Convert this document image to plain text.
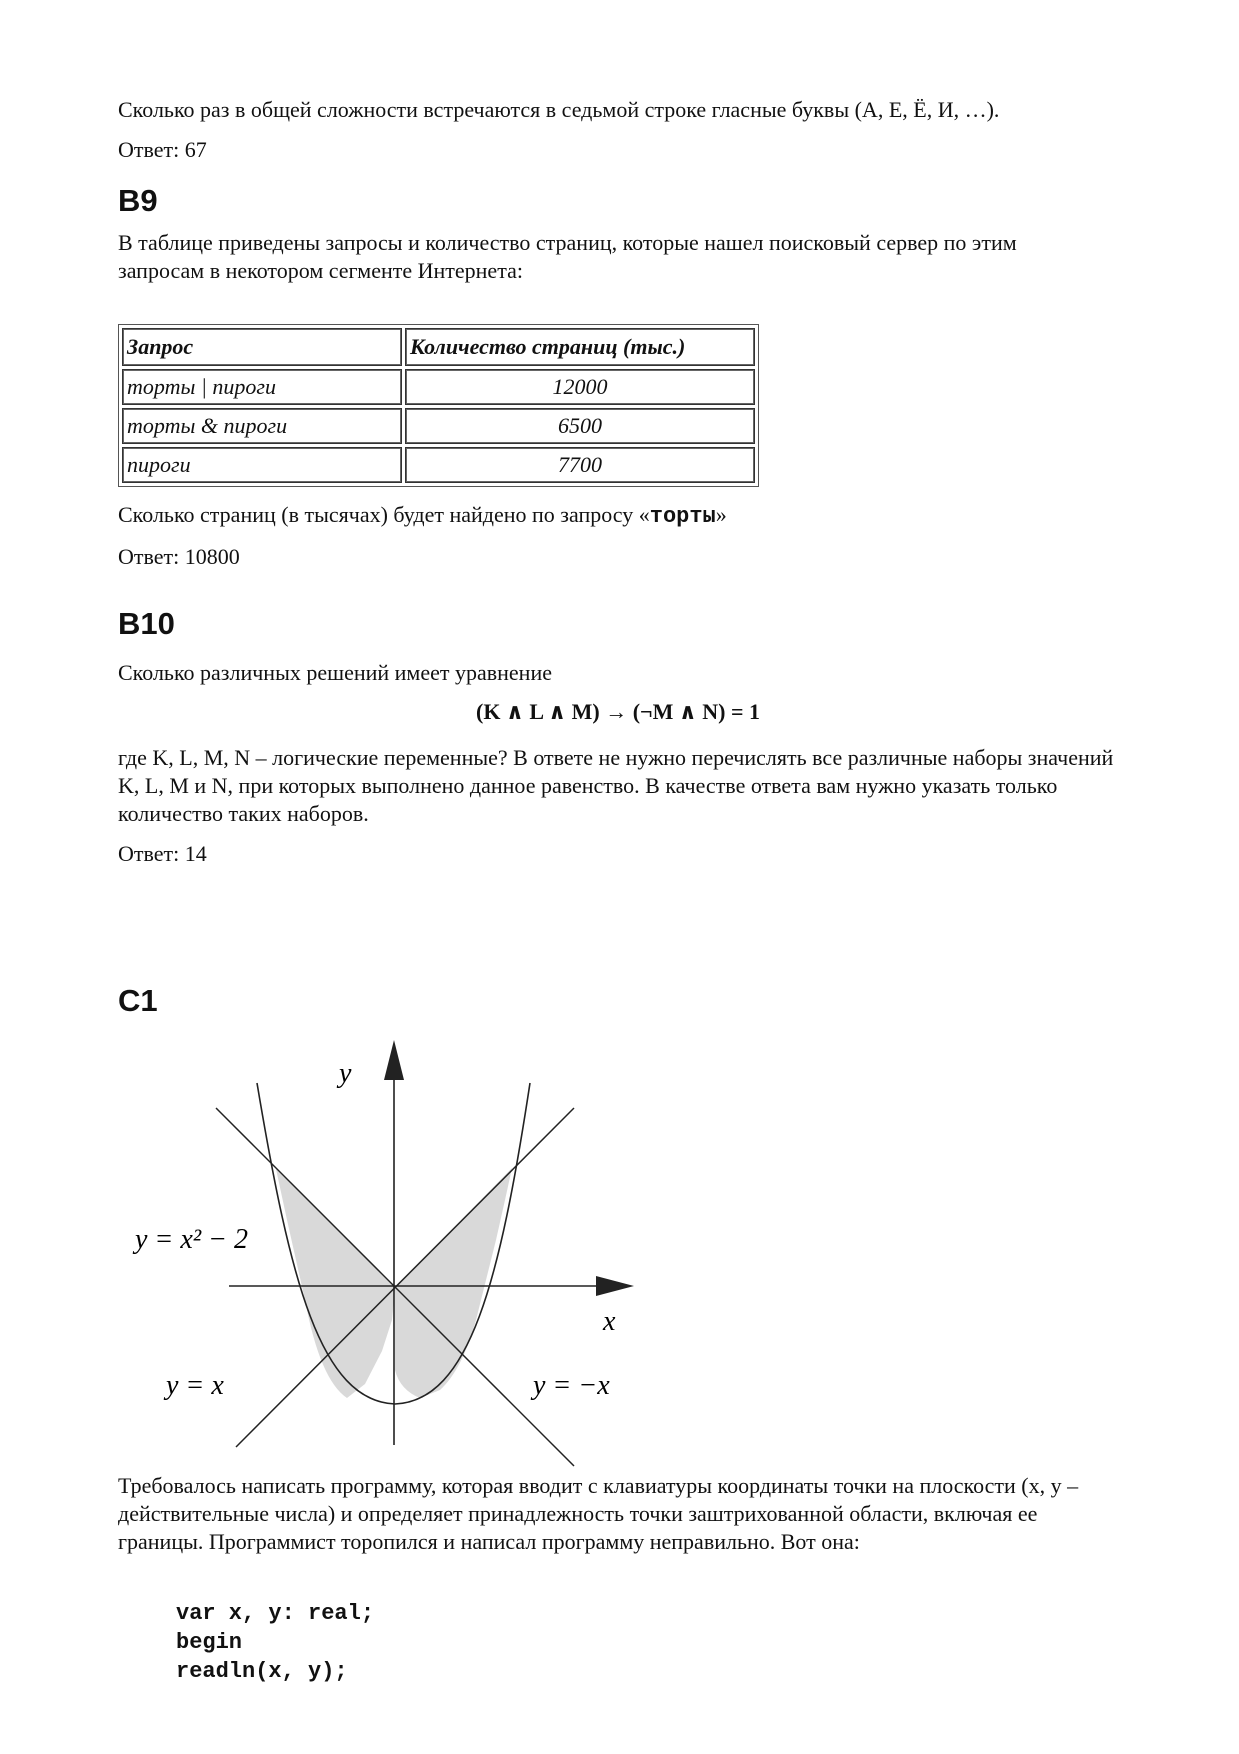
Сколько раз в общей сложности встречаются в седьмой строке гласные буквы (А, Е, Ё, И, …).

Ответ: 67

B9

В таблице приведены запросы и количество страниц, которые нашел поисковый сервер по этим запросам в некотором сегменте Интернета:

Запрос	Количество страниц (тыс.)
торты | пироги	12000
торты & пироги	6500
пироги	7700

Сколько страниц (в тысячах) будет найдено по запросу «торты»

Ответ: 10800

B10

Сколько различных решений имеет уравнение

(K ∧ L ∧ M) → (¬M ∧ N) = 1

где K, L, M, N – логические переменные? В ответе не нужно перечислять все различные наборы значений K, L, M и N, при которых выполнено данное равенство. В качестве ответа вам нужно указать только количество таких наборов.

Ответ: 14

C1

Требовалось написать программу, которая вводит с клавиатуры координаты точки на плоскости (x, y – действительные числа) и определяет принадлежность точки заштрихованной области, включая ее границы. Программист торопился и написал программу неправильно. Вот она:

var x, y: real;

begin

readln(x, y);

y
x
y = x² − 2
y = x	y = −x
